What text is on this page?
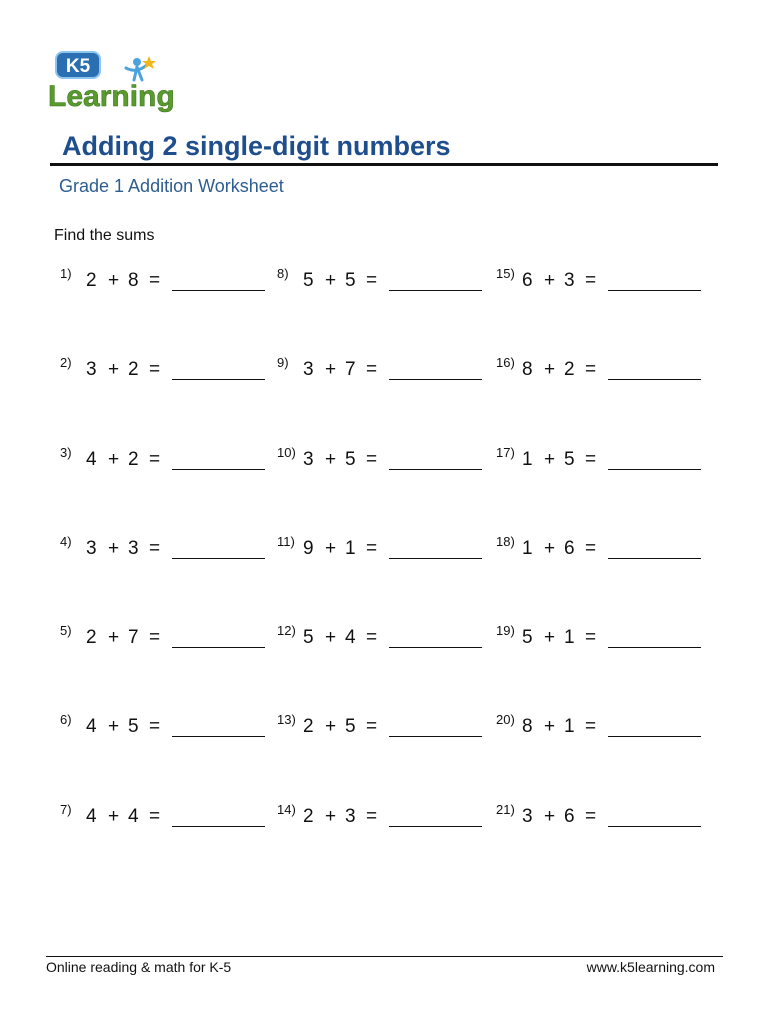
K5
Learning
Adding 2 single-digit numbers
Grade 1 Addition Worksheet
Find the sums
1) 2 + 8 =
2) 3 + 2 =
3) 4 + 2 =
4) 3 + 3 =
5) 2 + 7 =
6) 4 + 5 =
7) 4 + 4 =
8) 5 + 5 =
9) 3 + 7 =
10) 3 + 5 =
11) 9 + 1 =
12) 5 + 4 =
13) 2 + 5 =
14) 2 + 3 =
15) 6 + 3 =
16) 8 + 2 =
17) 1 + 5 =
18) 1 + 6 =
19) 5 + 1 =
20) 8 + 1 =
21) 3 + 6 =
Online reading & math for K-5	www.k5learning.com
